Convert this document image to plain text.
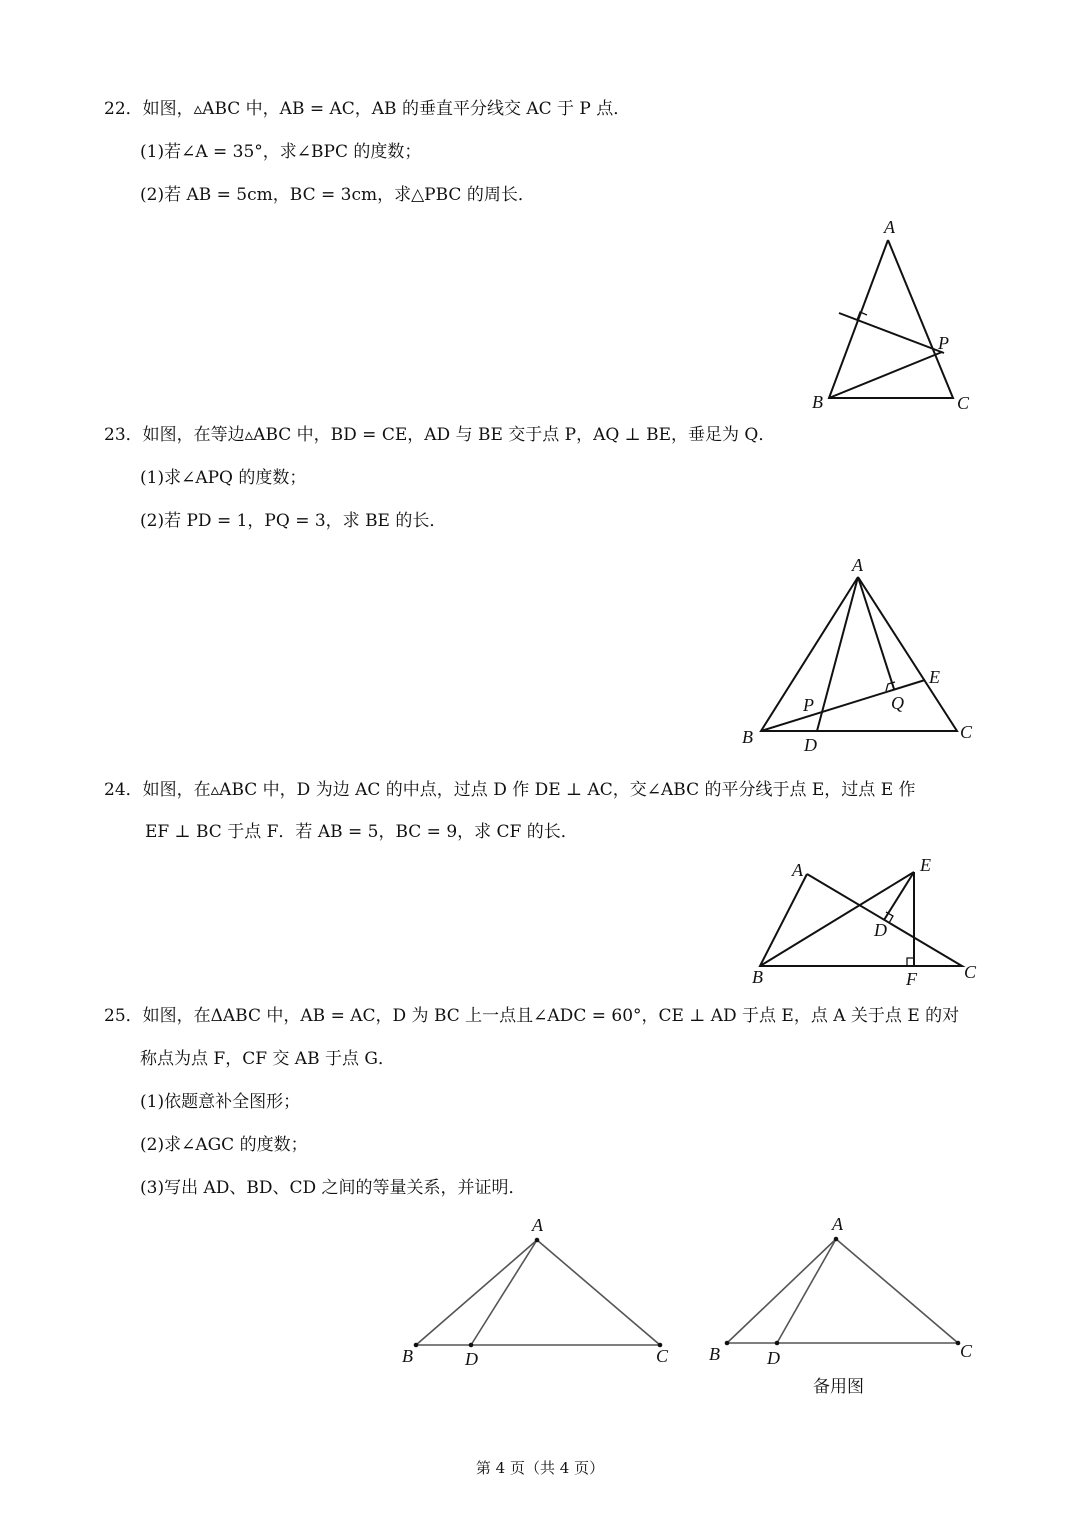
22．如图，▵ABC 中，AB = AC，AB 的垂直平分线交 AC 于 P 点．
(1)若∠A = 35°，求∠BPC 的度数；
(2)若 AB = 5cm，BC = 3cm，求△PBC 的周长．
23．如图，在等边▵ABC 中，BD = CE，AD 与 BE 交于点 P，AQ ⊥ BE，垂足为 Q．
(1)求∠APQ 的度数；
(2)若 PD = 1，PQ = 3，求 BE 的长．
24．如图，在▵ABC 中，D 为边 AC 的中点，过点 D 作 DE ⊥ AC，交∠ABC 的平分线于点 E，过点 E 作
EF ⊥ BC 于点 F．若 AB = 5，BC = 9，求 CF 的长．
25．如图，在ΔABC 中，AB = AC，D 为 BC 上一点且∠ADC = 60°，CE ⊥ AD 于点 E，点 A 关于点 E 的对
称点为点 F，CF 交 AB 于点 G．
(1)依题意补全图形；
(2)求∠AGC 的度数；
(3)写出 AD、BD、CD 之间的等量关系，并证明．
A
P
B	C
A
E
P	Q
B	D
C
A	E
D
B	F	C
A
B	D	C
A
B	D	C
备用图
第 4 页（共 4 页）
